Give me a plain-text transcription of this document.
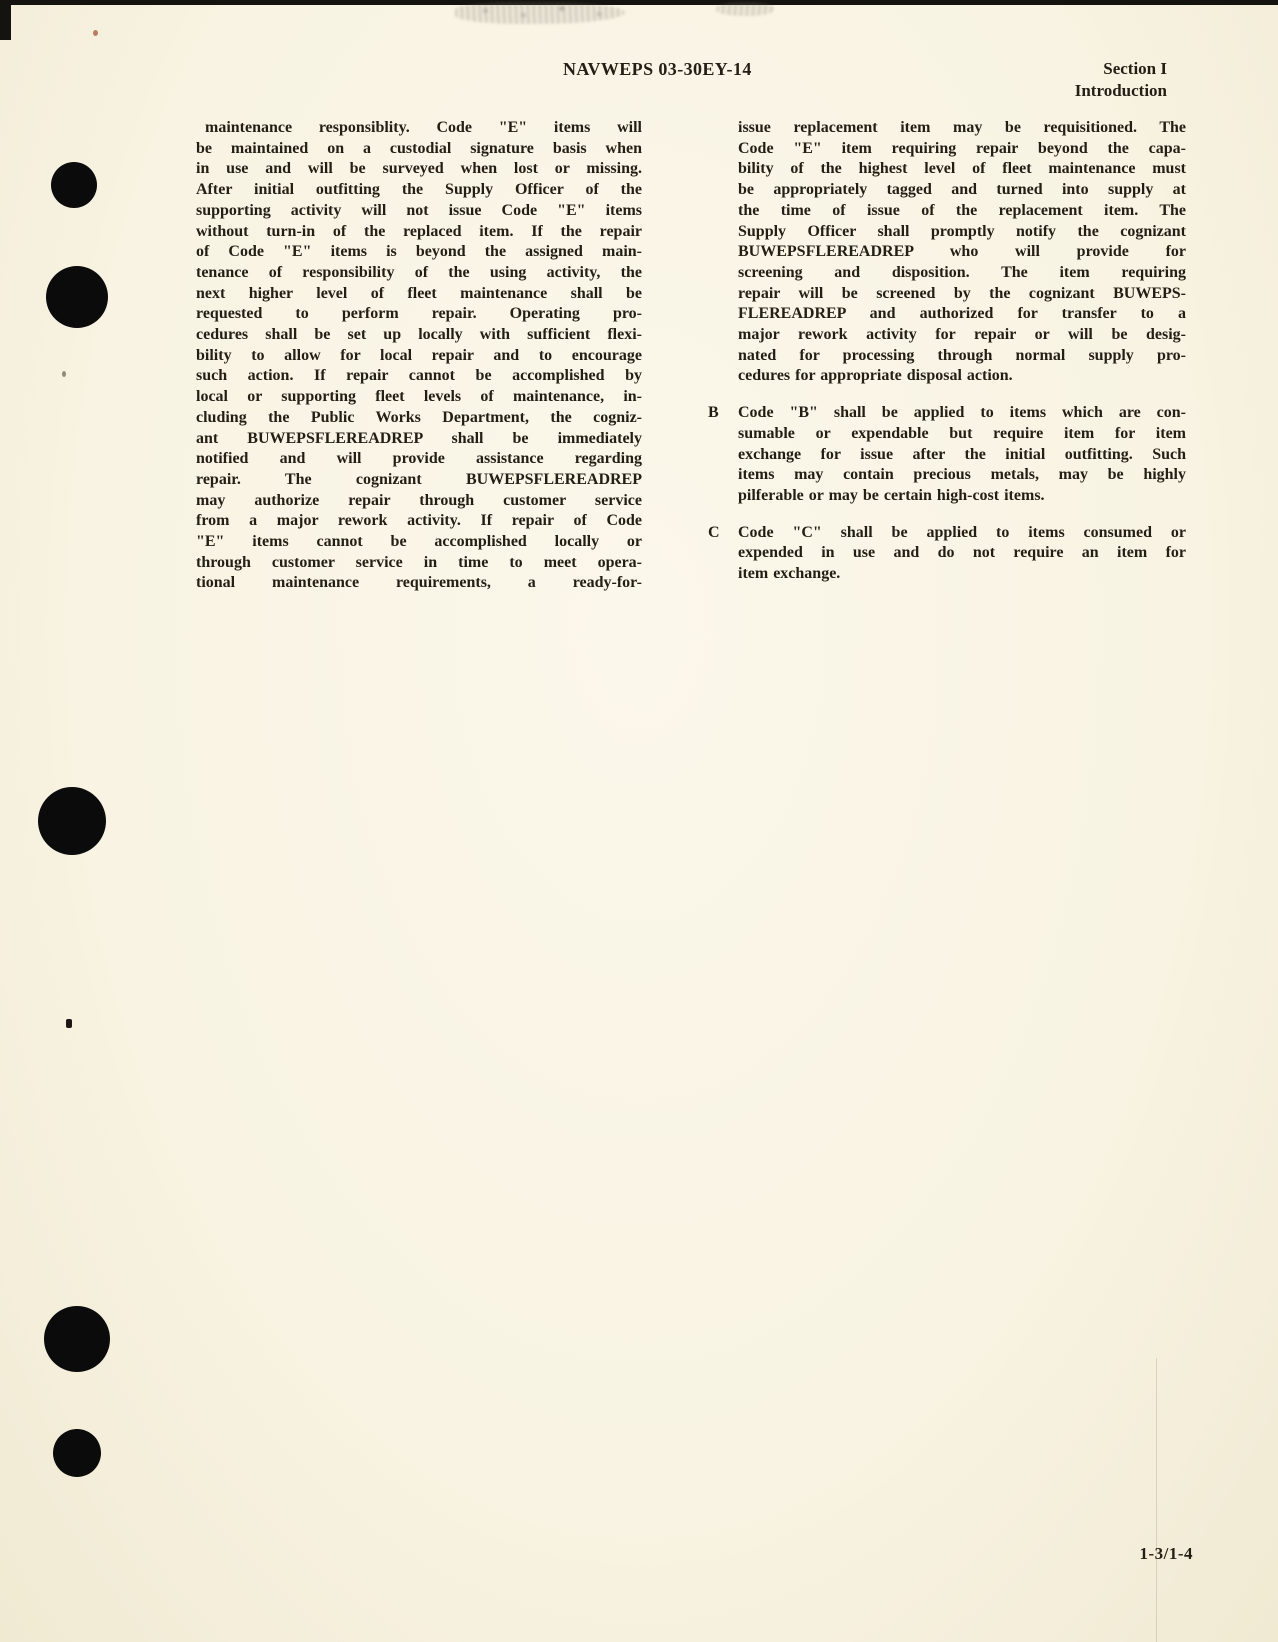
NAVWEPS 03-30EY-14	Section I
Introduction
maintenance responsiblity. Code "E" items will
be maintained on a custodial signature basis when
in use and will be surveyed when lost or missing.
After initial outfitting the Supply Officer of the
supporting activity will not issue Code "E" items
without turn-in of the replaced item. If the repair
of Code "E" items is beyond the assigned main-
tenance of responsibility of the using activity, the
next higher level of fleet maintenance shall be
requested to perform repair. Operating pro-
cedures shall be set up locally with sufficient flexi-
bility to allow for local repair and to encourage
such action. If repair cannot be accomplished by
local or supporting fleet levels of maintenance, in-
cluding the Public Works Department, the cogniz-
ant BUWEPSFLEREADREP shall be immediately
notified and will provide assistance regarding
repair. The cognizant BUWEPSFLEREADREP
may authorize repair through customer service
from a major rework activity. If repair of Code
"E" items cannot be accomplished locally or
through customer service in time to meet opera-
tional maintenance requirements, a ready-for-
issue replacement item may be requisitioned. The
Code "E" item requiring repair beyond the capa-
bility of the highest level of fleet maintenance must
be appropriately tagged and turned into supply at
the time of issue of the replacement item. The
Supply Officer shall promptly notify the cognizant
BUWEPSFLEREADREP who will provide for
screening and disposition. The item requiring
repair will be screened by the cognizant BUWEPS-
FLEREADREP and authorized for transfer to a
major rework activity for repair or will be desig-
nated for processing through normal supply pro-
cedures for appropriate disposal action.
B Code "B" shall be applied to items which are con-
sumable or expendable but require item for item
exchange for issue after the initial outfitting. Such
items may contain precious metals, may be highly
pilferable or may be certain high-cost items.
C Code "C" shall be applied to items consumed or
expended in use and do not require an item for
item exchange.
1-3/1-4
